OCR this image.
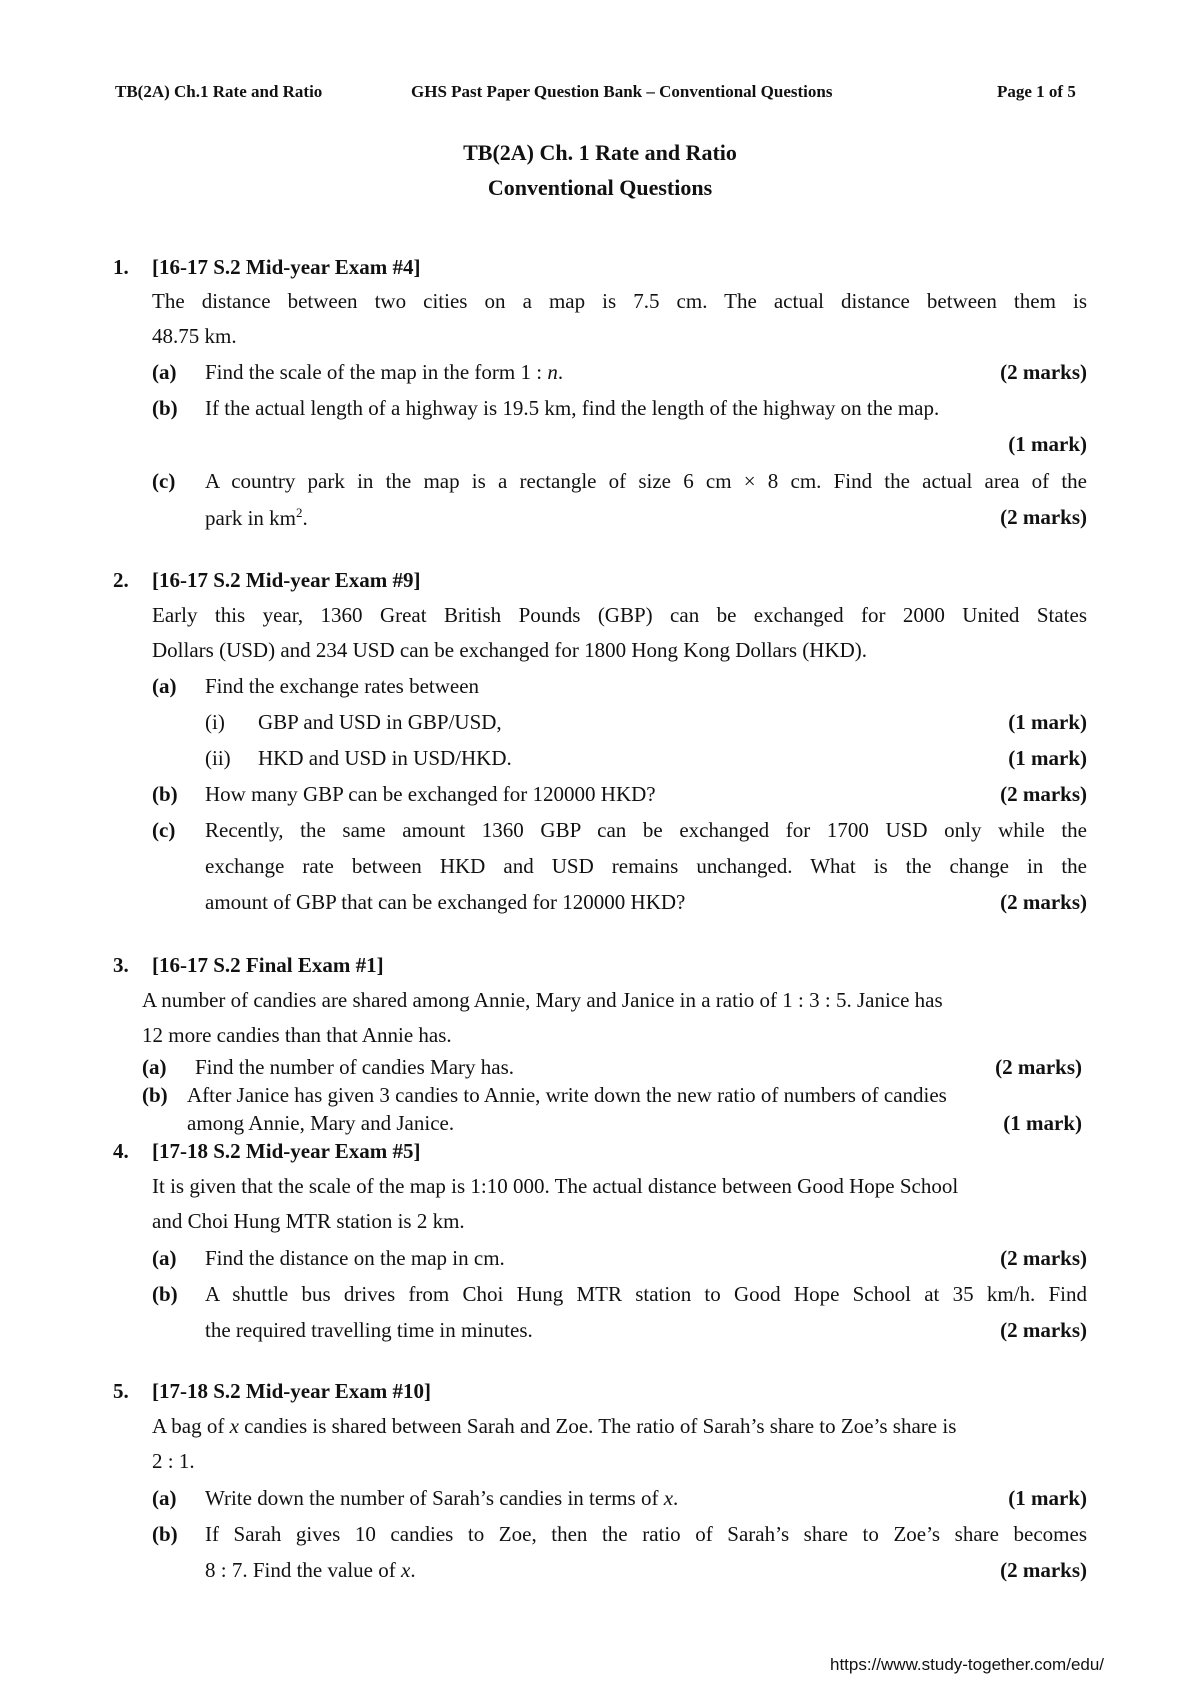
TB(2A) Ch.1 Rate and Ratio	GHS Past Paper Question Bank – Conventional Questions	Page 1 of 5
TB(2A) Ch. 1 Rate and Ratio
Conventional Questions
1. [16-17 S.2 Mid-year Exam #4]
The distance between two cities on a map is 7.5 cm. The actual distance between them is
48.75 km.
(a) Find the scale of the map in the form 1 : n.	(2 marks)
(b) If the actual length of a highway is 19.5 km, find the length of the highway on the map.
(1 mark)
(c) A country park in the map is a rectangle of size 6 cm × 8 cm. Find the actual area of the
park in $km^2$.	(2 marks)
2. [16-17 S.2 Mid-year Exam #9]
Early this year, 1360 Great British Pounds (GBP) can be exchanged for 2000 United States
Dollars (USD) and 234 USD can be exchanged for 1800 Hong Kong Dollars (HKD).
(a) Find the exchange rates between
(i) GBP and USD in GBP/USD,	(1 mark)
(ii) HKD and USD in USD/HKD.	(1 mark)
(b) How many GBP can be exchanged for 120000 HKD?	(2 marks)
(c) Recently, the same amount 1360 GBP can be exchanged for 1700 USD only while the
exchange rate between HKD and USD remains unchanged. What is the change in the
amount of GBP that can be exchanged for 120000 HKD?	(2 marks)
3. [16-17 S.2 Final Exam #1]
A number of candies are shared among Annie, Mary and Janice in a ratio of 1 : 3 : 5. Janice has
12 more candies than that Annie has.
(a) Find the number of candies Mary has.	(2 marks)
(b) After Janice has given 3 candies to Annie, write down the new ratio of numbers of candies
among Annie, Mary and Janice.	(1 mark)
4. [17-18 S.2 Mid-year Exam #5]
It is given that the scale of the map is 1:10 000. The actual distance between Good Hope School
and Choi Hung MTR station is 2 km.
(a) Find the distance on the map in cm.	(2 marks)
(b) A shuttle bus drives from Choi Hung MTR station to Good Hope School at 35 km/h. Find
the required travelling time in minutes.	(2 marks)
5. [17-18 S.2 Mid-year Exam #10]
A bag of x candies is shared between Sarah and Zoe. The ratio of Sarah’s share to Zoe’s share is
2 : 1.
(a) Write down the number of Sarah’s candies in terms of x.	(1 mark)
(b) If Sarah gives 10 candies to Zoe, then the ratio of Sarah’s share to Zoe’s share becomes
8 : 7. Find the value of x.	(2 marks)
https://www.study-together.com/edu/
